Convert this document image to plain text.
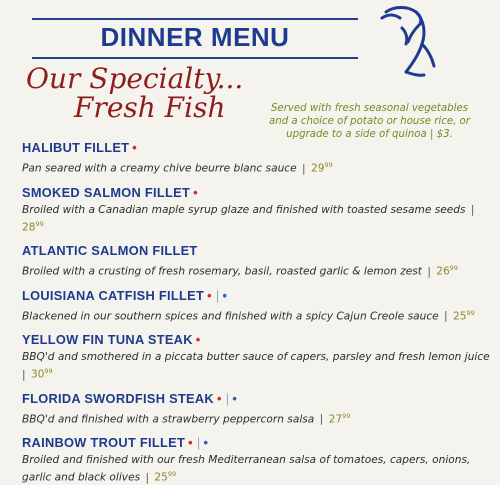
DINNER MENU
Our Specialty...
Fresh Fish	Served with fresh seasonal vegetables and a choice of potato or house rice, or upgrade to a side of quinoa | $3.
HALIBUT FILLET •
Pan seared with a creamy chive beurre blanc sauce | $29^{99}$
SMOKED SALMON FILLET •
Broiled with a Canadian maple syrup glaze and finished with toasted sesame seeds | $28^{99}$
ATLANTIC SALMON FILLET
Broiled with a crusting of fresh rosemary, basil, roasted garlic & lemon zest | $26^{99}$
LOUISIANA CATFISH FILLET • | •
Blackened in our southern spices and finished with a spicy Cajun Creole sauce | $25^{99}$
YELLOW FIN TUNA STEAK •
BBQ'd and smothered in a piccata butter sauce of capers, parsley and fresh lemon juice | $30^{99}$
FLORIDA SWORDFISH STEAK • | •
BBQ'd and finished with a strawberry peppercorn salsa | $27^{99}$
RAINBOW TROUT FILLET • | •
Broiled and finished with our fresh Mediterranean salsa of tomatoes, capers, onions, garlic and black olives | $25^{99}$
